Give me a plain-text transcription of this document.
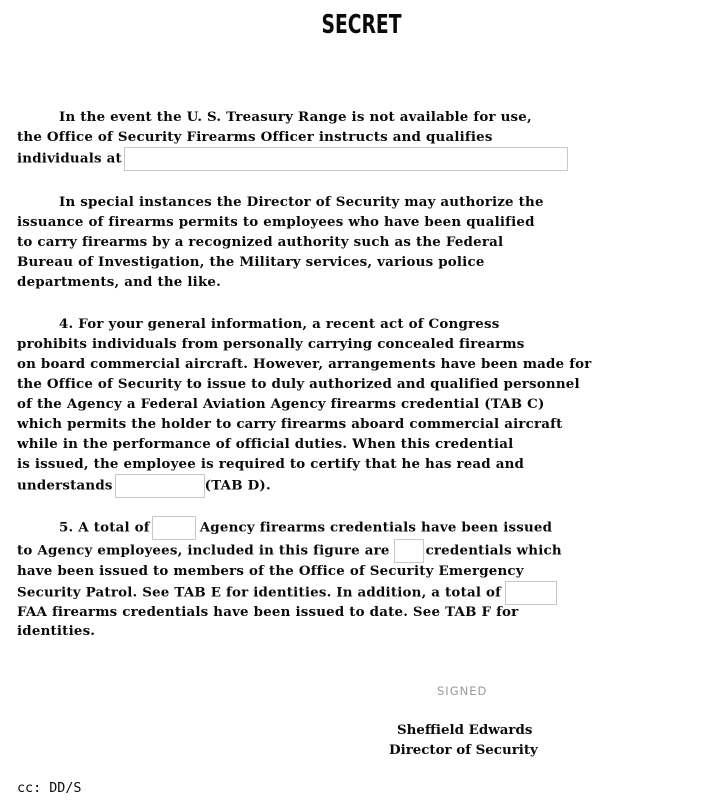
SECRET
In the event the U. S. Treasury Range is not available for use,
the Office of Security Firearms Officer instructs and qualifies
individuals at
In special instances the Director of Security may authorize the
issuance of firearms permits to employees who have been qualified
to carry firearms by a recognized authority such as the Federal
Bureau of Investigation, the Military services, various police
departments, and the like.
4. For your general information, a recent act of Congress
prohibits individuals from personally carrying concealed firearms
on board commercial aircraft. However, arrangements have been made for
the Office of Security to issue to duly authorized and qualified personnel
of the Agency a Federal Aviation Agency firearms credential (TAB C)
which permits the holder to carry firearms aboard commercial aircraft
while in the performance of official duties. When this credential
is issued, the employee is required to certify that he has read and
understands	(TAB D).
5. A total of	Agency firearms credentials have been issued
to Agency employees, included in this figure are	credentials which
have been issued to members of the Office of Security Emergency
Security Patrol. See TAB E for identities. In addition, a total of
FAA firearms credentials have been issued to date. See TAB F for
identities.
SIGNED
Sheffield Edwards
Director of Security
cc: DD/S
